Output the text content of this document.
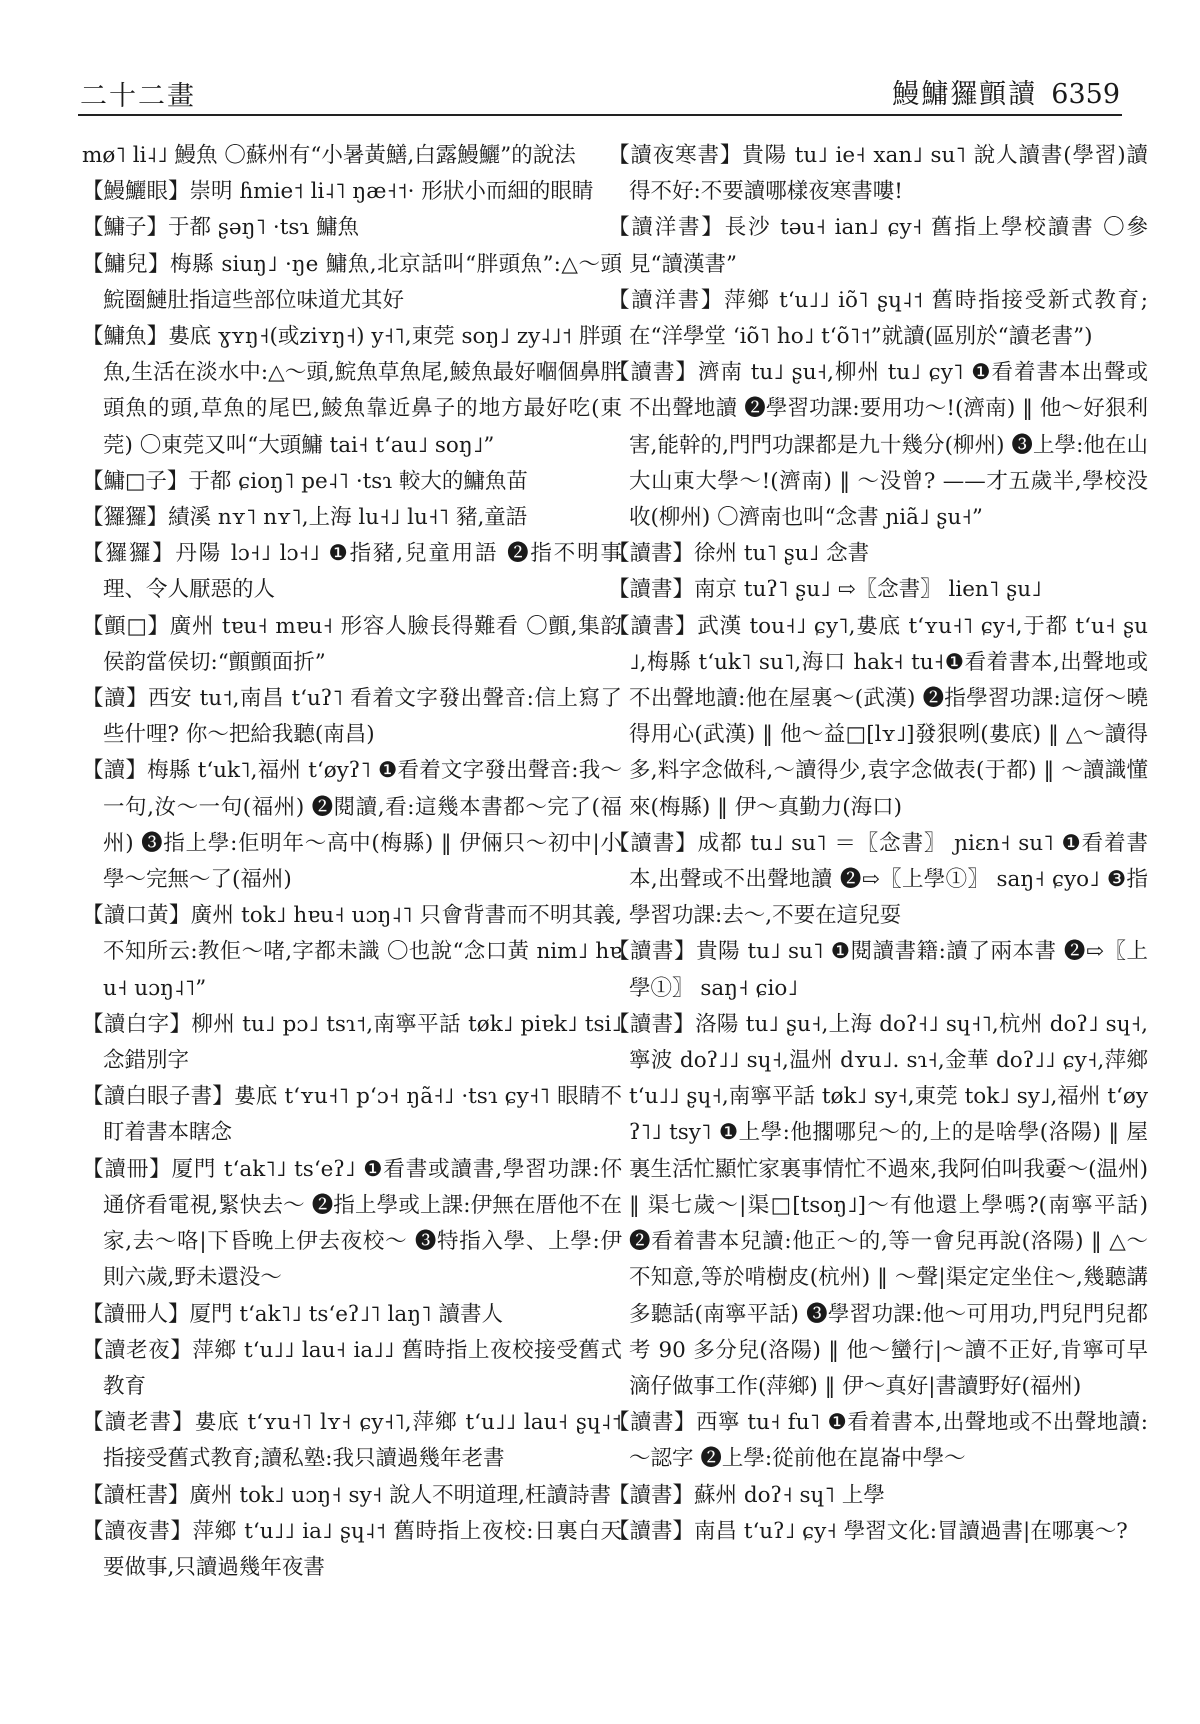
二十二畫	鰻鱅玀顫讀 6359
mø˥ li˨˩ 鰻魚 〇蘇州有“小暑黃鱔,白露鰻鱺”的說法
【鰻鱺眼】崇明 ɦmie˦ li˨˥ ŋæ˧˦· 形狀小而細的眼睛
【鱅子】于都 ʂəŋ˥ ·tsɿ 鱅魚
【鱅兒】梅縣 siuŋ˩ ·ŋe 鱅魚,北京話叫“胖頭魚”:△～頭鯇圈鰱肚指這些部位味道尤其好
【鱅魚】婁底 ɣʏŋ˧(或ziʏŋ˧) y˧˥,東莞 soŋ˩ zy˨˩˦ 胖頭魚,生活在淡水中:△～頭,鯇魚草魚尾,鯪魚最好嗰個鼻胖頭魚的頭,草魚的尾巴,鯪魚靠近鼻子的地方最好吃(東莞) 〇東莞又叫“大頭鱅 tai˧ t‘au˩ soŋ˩”
【鱅□子】于都 ɕioŋ˥ pe˨˥ ·tsɿ 較大的鱅魚苗
【玀玀】績溪 nʏ˥ nʏ˥,上海 lu˧˩ lu˧˥ 豬,童語
【玀玀】丹陽 lɔ˧˩ lɔ˧˩ ❶指豬,兒童用語 ❷指不明事理、令人厭惡的人
【顫□】廣州 tɐu˧ mɐu˧ 形容人臉長得難看 〇顫,集韵侯韵當侯切:“顫顫面折”
【讀】西安 tu˦,南昌 t‘uʔ˥ 看着文字發出聲音:信上寫了些什哩? 你～把給我聽(南昌)
【讀】梅縣 t‘uk˥,福州 t‘øyʔ˥ ❶看着文字發出聲音:我～一句,汝～一句(福州) ❷閱讀,看:這幾本書都～完了(福州) ❸指上學:佢明年～高中(梅縣) ‖ 伊倆只～初中|小學～完無～了(福州)
【讀口黃】廣州 tok˩ hɐu˧ uɔŋ˨˥ 只會背書而不明其義,不知所云:教佢～啫,字都未識 〇也說“念口黃 nim˩ hɐu˧ uɔŋ˨˥”
【讀白字】柳州 tu˩ pɔ˩ tsɿ˦,南寧平話 tøk˩ piɐk˩ tsi˩ 念錯別字
【讀白眼子書】婁底 t‘ʏu˧˥ p‘ɔ˧ ŋã˧˩ ·tsɿ ɕy˧˥ 眼睛不盯着書本瞎念
【讀冊】厦門 t‘ak˥˩ ts‘eʔ˩ ❶看書或讀書,學習功課:伓通侪看電視,緊快去～ ❷指上學或上課:伊無在厝他不在家,去～咯|下昏晚上伊去夜校～ ❸特指入學、上學:伊則六歲,野未還没～
【讀冊人】厦門 t‘ak˥˩ ts‘eʔ˩˥ laŋ˥ 讀書人
【讀老夜】萍鄉 t‘u˩˩ lau˧ ia˩˩ 舊時指上夜校接受舊式教育
【讀老書】婁底 t‘ʏu˧˥ lʏ˧ ɕy˧˥,萍鄉 t‘u˩˩ lau˧ ʂɥ˨˦ 指接受舊式教育;讀私塾:我只讀過幾年老書
【讀枉書】廣州 tok˩ uɔŋ˧ sy˧ 說人不明道理,枉讀詩書
【讀夜書】萍鄉 t‘u˩˩ ia˩ ʂɥ˨˦ 舊時指上夜校:日裏白天要做事,只讀過幾年夜書
【讀夜寒書】貴陽 tu˩ ie˧ xan˩ su˥ 說人讀書(學習)讀得不好:不要讀哪樣夜寒書嘍!
【讀洋書】長沙 təu˧ ian˩ ɕy˧ 舊指上學校讀書 〇參見“讀漢書”
【讀洋書】萍鄉 t‘u˩˩ iõ˥ ʂɥ˨˦ 舊時指接受新式教育;在“洋學堂 ‘iõ˥ ho˩ t‘õ˥˦”就讀(區別於“讀老書”)
【讀書】濟南 tu˩ ʂu˧,柳州 tu˩ ɕy˥ ❶看着書本出聲或不出聲地讀 ❷學習功課:要用功～!(濟南) ‖ 他～好狠利害,能幹的,門門功課都是九十幾分(柳州) ❸上學:他在山大山東大學～!(濟南) ‖ ～没曾? ——才五歲半,學校没收(柳州) 〇濟南也叫“念書 ɲiã˩ ʂu˧”
【讀書】徐州 tu˥ ʂu˩ 念書
【讀書】南京 tuʔ˥ ʂu˩ ⇨〖念書〗 lien˥ ʂu˩
【讀書】武漢 tou˧˩ ɕy˥,婁底 t‘ʏu˧˥ ɕy˧,于都 t‘u˧ ʂu˩,梅縣 t‘uk˥ su˥,海口 hak˧ tu˧❶看着書本,出聲地或不出聲地讀:他在屋裏～(武漢) ❷指學習功課:這伢～曉得用心(武漢) ‖ 他～益□[lʏ˩]發狠咧(婁底) ‖ △～讀得多,料字念做科,～讀得少,袁字念做表(于都) ‖ ～讀識懂來(梅縣) ‖ 伊～真勤力(海口)
【讀書】成都 tu˩ su˥ ＝〖念書〗 ɲiɛn˧ su˥ ❶看着書本,出聲或不出聲地讀 ❷⇨〖上學①〗 saŋ˧ ɕyo˩ ❸指學習功課:去～,不要在這兒耍
【讀書】貴陽 tu˩ su˥ ❶閱讀書籍:讀了兩本書 ❷⇨〖上學①〗 saŋ˧ ɕio˩
【讀書】洛陽 tu˩ ʂu˧,上海 doʔ˧˩ sɥ˧˥,杭州 doʔ˩ sɥ˧,寧波 doʔ˩˩ sɥ˧,温州 dʏu˩. sɿ˧,金華 doʔ˩˩ ɕy˧,萍鄉 t‘u˩˩ ʂɥ˧,南寧平話 tøk˩ sy˧,東莞 tok˩ sy˩,福州 t‘øyʔ˥˩ tsy˥ ❶上學:他擱哪兒～的,上的是啥學(洛陽) ‖ 屋裏生活忙顯忙家裏事情忙不過來,我阿伯叫我嫑～(温州) ‖ 渠七歲～|渠□[tsoŋ˩]～有他還上學嗎?(南寧平話) ❷看着書本兒讀:他正～的,等一會兒再說(洛陽) ‖ △～不知意,等於啃樹皮(杭州) ‖ ～聲|渠定定坐住～,幾聽講多聽話(南寧平話) ❸學習功課:他～可用功,門兒門兒都考 90 多分兒(洛陽) ‖ 他～蠻行|～讀不正好,肯寧可早滴仔做事工作(萍鄉) ‖ 伊～真好|書讀野好(福州)
【讀書】西寧 tu˧ fu˥ ❶看着書本,出聲地或不出聲地讀:～認字 ❷上學:從前他在崑崙中學～
【讀書】蘇州 doʔ˧ sɥ˥ 上學
【讀書】南昌 t‘uʔ˩ ɕy˧ 學習文化:冒讀過書|在哪裏～?
